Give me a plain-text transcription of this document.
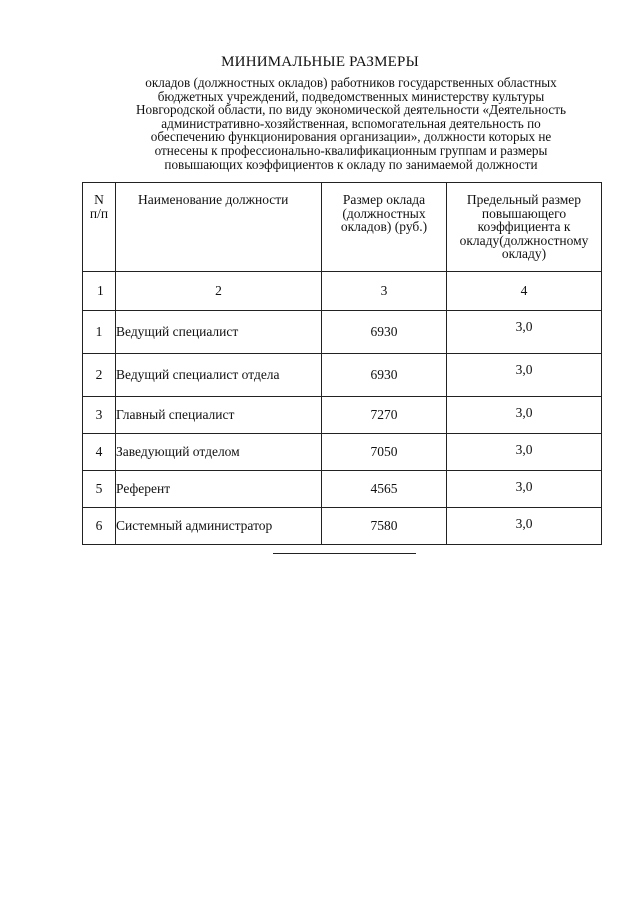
МИНИМАЛЬНЫЕ РАЗМЕРЫ
окладов (должностных окладов) работников государственных областных
бюджетных учреждений, подведомственных министерству культуры
Новгородской области, по виду экономической деятельности «Деятельность
административно-хозяйственная, вспомогательная деятельность по
обеспечению функционирования организации», должности которых не
отнесены к профессионально-квалификационным группам и размеры
повышающих коэффициентов к окладу по занимаемой должности
N
п/п	Наименование должности	Размер оклада (должностных окладов) (руб.)	Предельный размер повышающего коэффициента к окладу(должностному окладу)
1	2	3	4
1	Ведущий специалист	6930	3,0
2	Ведущий специалист отдела	6930	3,0
3	Главный специалист	7270	3,0
4	Заведующий отделом	7050	3,0
5	Референт	4565	3,0
6	Системный администратор	7580	3,0
